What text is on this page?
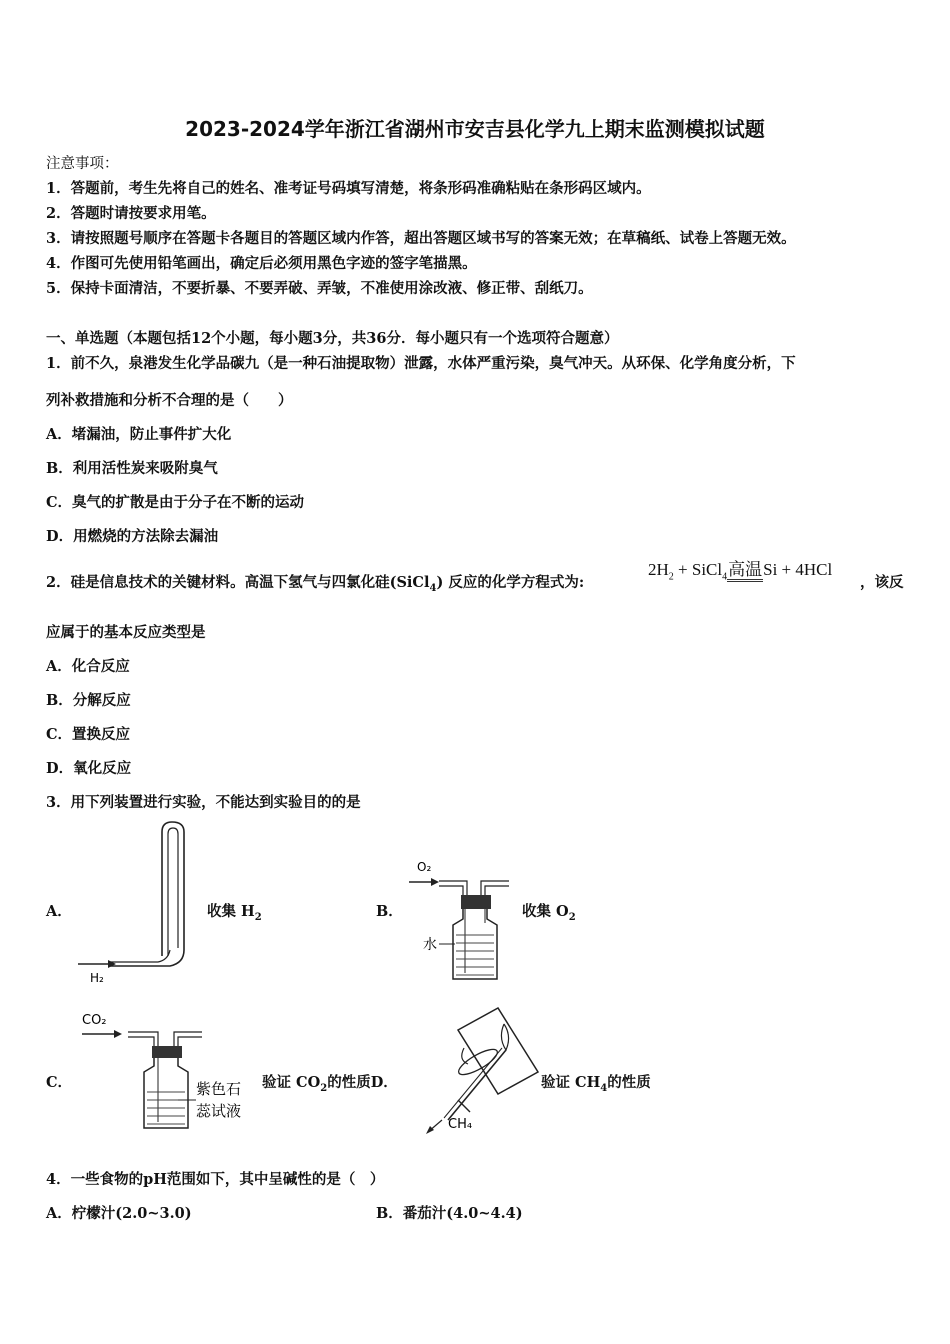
2023-2024学年浙江省湖州市安吉县化学九上期末监测模拟试题
注意事项：
1．答题前，考生先将自己的姓名、准考证号码填写清楚，将条形码准确粘贴在条形码区域内。
2．答题时请按要求用笔。
3．请按照题号顺序在答题卡各题目的答题区域内作答，超出答题区域书写的答案无效；在草稿纸、试卷上答题无效。
4．作图可先使用铅笔画出，确定后必须用黑色字迹的签字笔描黑。
5．保持卡面清洁，不要折暴、不要弄破、弄皱，不准使用涂改液、修正带、刮纸刀。
一、单选题（本题包括12个小题，每小题3分，共36分．每小题只有一个选项符合题意）
1．前不久，泉港发生化学品碳九（是一种石油提取物）泄露，水体严重污染，臭气冲天。从环保、化学角度分析，下
列补救措施和分析不合理的是（　　）
A．堵漏油，防止事件扩大化
B．利用活性炭来吸附臭气
C．臭气的扩散是由于分子在不断的运动
D．用燃烧的方法除去漏油
2．硅是信息技术的关键材料。高温下氢气与四氯化硅(SiCl$_4$) 反应的化学方程式为:
$2H_2$ + SiCl$_4$高温Si + 4HCl
，该反
应属于的基本反应类型是
A．化合反应
B．分解反应
C．置换反应
D．氧化反应
3．用下列装置进行实验，不能达到实验目的的是
A．
H₂
收集 $H_2$	B．
O₂
水
收集 $O_2$
C．
CO₂
紫色石
蕊试液
验证 $CO_2$的性质D．
CH₄
验证 $CH_4$的性质
4．一些食物的pH范围如下，其中呈碱性的是（　）
A．柠檬汁(2.0~3.0)	B．番茄汁(4.0~4.4)
